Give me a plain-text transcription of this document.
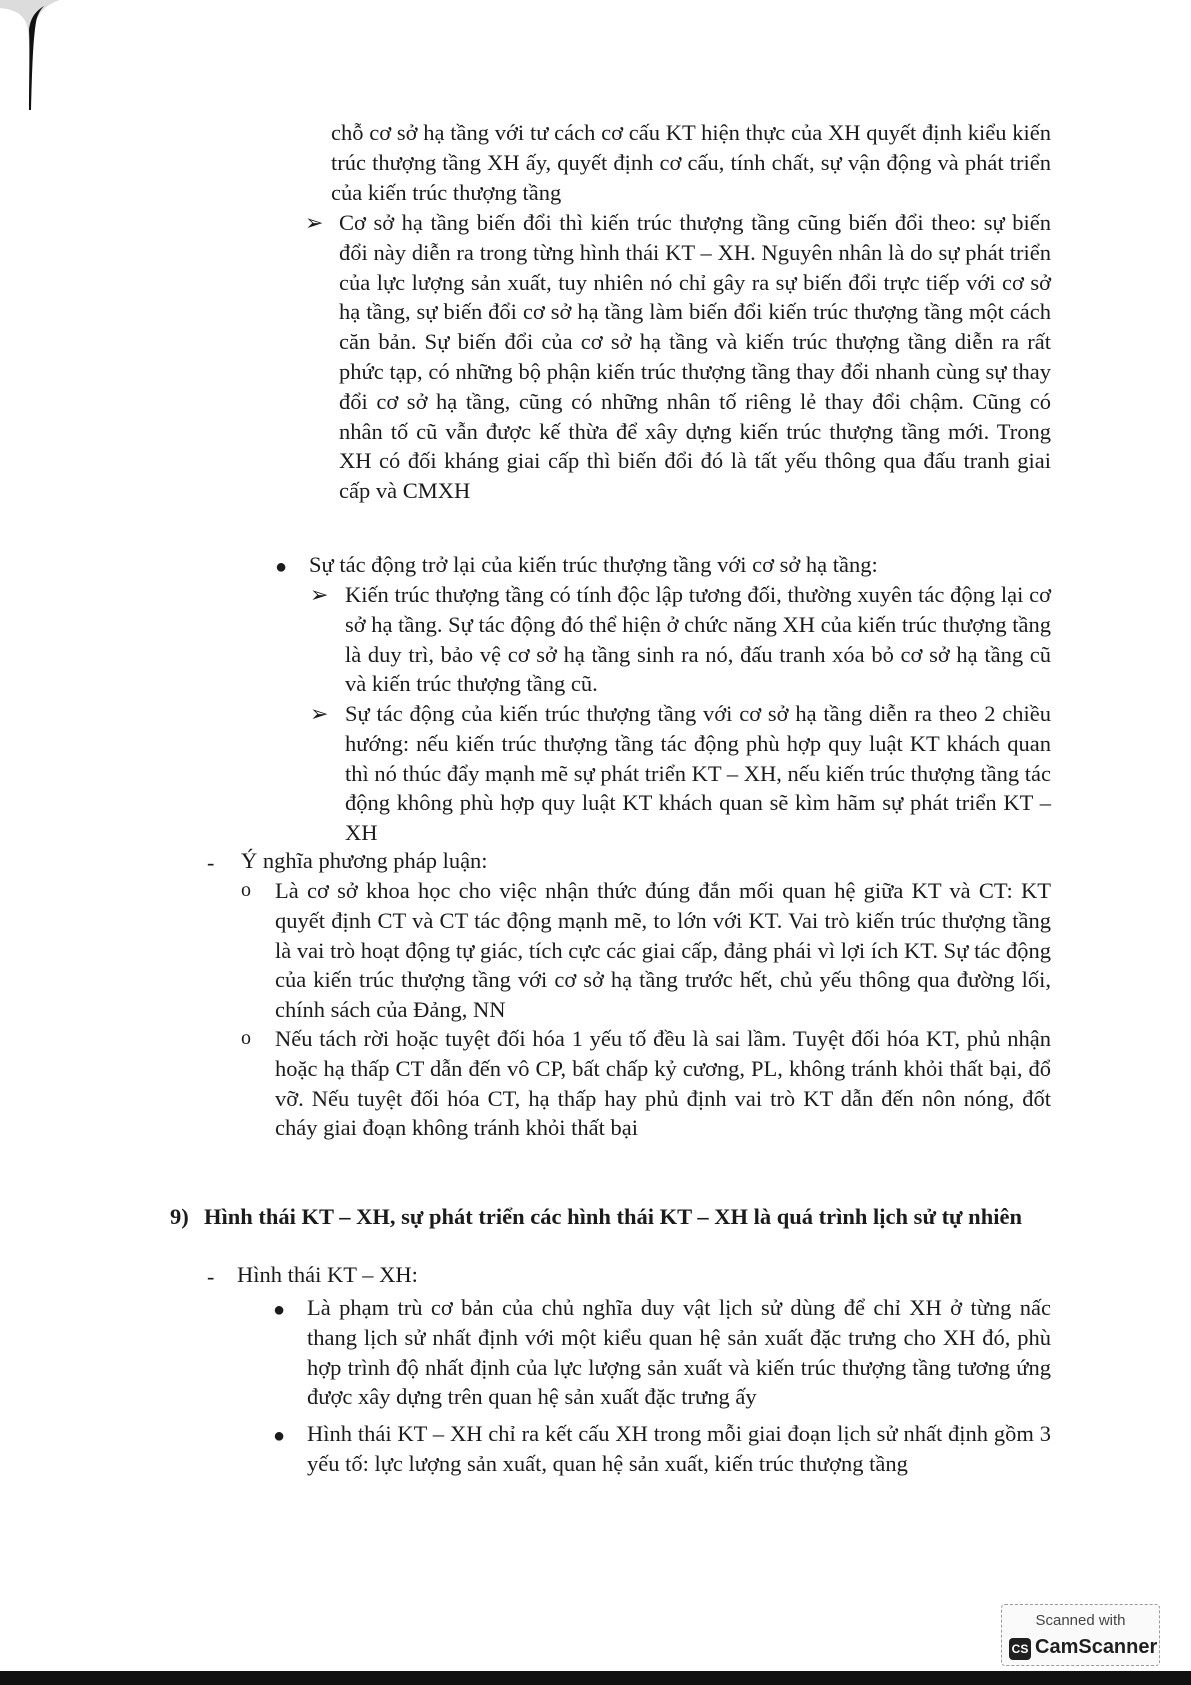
chỗ cơ sở hạ tầng với tư cách cơ cấu KT hiện thực của XH quyết định kiểu kiến trúc thượng tầng XH ấy, quyết định cơ cấu, tính chất, sự vận động và phát triển của kiến trúc thượng tầng
➢ Cơ sở hạ tầng biến đổi thì kiến trúc thượng tầng cũng biến đổi theo: sự biến đổi này diễn ra trong từng hình thái KT – XH. Nguyên nhân là do sự phát triển của lực lượng sản xuất, tuy nhiên nó chỉ gây ra sự biến đổi trực tiếp với cơ sở hạ tầng, sự biến đổi cơ sở hạ tầng làm biến đổi kiến trúc thượng tầng một cách căn bản. Sự biến đổi của cơ sở hạ tầng và kiến trúc thượng tầng diễn ra rất phức tạp, có những bộ phận kiến trúc thượng tầng thay đổi nhanh cùng sự thay đổi cơ sở hạ tầng, cũng có những nhân tố riêng lẻ thay đổi chậm. Cũng có nhân tố cũ vẫn được kế thừa để xây dựng kiến trúc thượng tầng mới. Trong XH có đối kháng giai cấp thì biến đổi đó là tất yếu thông qua đấu tranh giai cấp và CMXH
● Sự tác động trở lại của kiến trúc thượng tầng với cơ sở hạ tầng:
➢ Kiến trúc thượng tầng có tính độc lập tương đối, thường xuyên tác động lại cơ sở hạ tầng. Sự tác động đó thể hiện ở chức năng XH của kiến trúc thượng tầng là duy trì, bảo vệ cơ sở hạ tầng sinh ra nó, đấu tranh xóa bỏ cơ sở hạ tầng cũ và kiến trúc thượng tầng cũ.
➢ Sự tác động của kiến trúc thượng tầng với cơ sở hạ tầng diễn ra theo 2 chiều hướng: nếu kiến trúc thượng tầng tác động phù hợp quy luật KT khách quan thì nó thúc đẩy mạnh mẽ sự phát triển KT – XH, nếu kiến trúc thượng tầng tác động không phù hợp quy luật KT khách quan sẽ kìm hãm sự phát triển KT – XH
- Ý nghĩa phương pháp luận:
o Là cơ sở khoa học cho việc nhận thức đúng đắn mối quan hệ giữa KT và CT: KT quyết định CT và CT tác động mạnh mẽ, to lớn với KT. Vai trò kiến trúc thượng tầng là vai trò hoạt động tự giác, tích cực các giai cấp, đảng phái vì lợi ích KT. Sự tác động của kiến trúc thượng tầng với cơ sở hạ tầng trước hết, chủ yếu thông qua đường lối, chính sách của Đảng, NN
o Nếu tách rời hoặc tuyệt đối hóa 1 yếu tố đều là sai lầm. Tuyệt đối hóa KT, phủ nhận hoặc hạ thấp CT dẫn đến vô CP, bất chấp kỷ cương, PL, không tránh khỏi thất bại, đổ vỡ. Nếu tuyệt đối hóa CT, hạ thấp hay phủ định vai trò KT dẫn đến nôn nóng, đốt cháy giai đoạn không tránh khỏi thất bại
9) Hình thái KT – XH, sự phát triển các hình thái KT – XH là quá trình lịch sử tự nhiên
- Hình thái KT – XH:
● Là phạm trù cơ bản của chủ nghĩa duy vật lịch sử dùng để chỉ XH ở từng nấc thang lịch sử nhất định với một kiểu quan hệ sản xuất đặc trưng cho XH đó, phù hợp trình độ nhất định của lực lượng sản xuất và kiến trúc thượng tầng tương ứng được xây dựng trên quan hệ sản xuất đặc trưng ấy
● Hình thái KT – XH chỉ ra kết cấu XH trong mỗi giai đoạn lịch sử nhất định gồm 3 yếu tố: lực lượng sản xuất, quan hệ sản xuất, kiến trúc thượng tầng
Scanned with
CS CamScanner
